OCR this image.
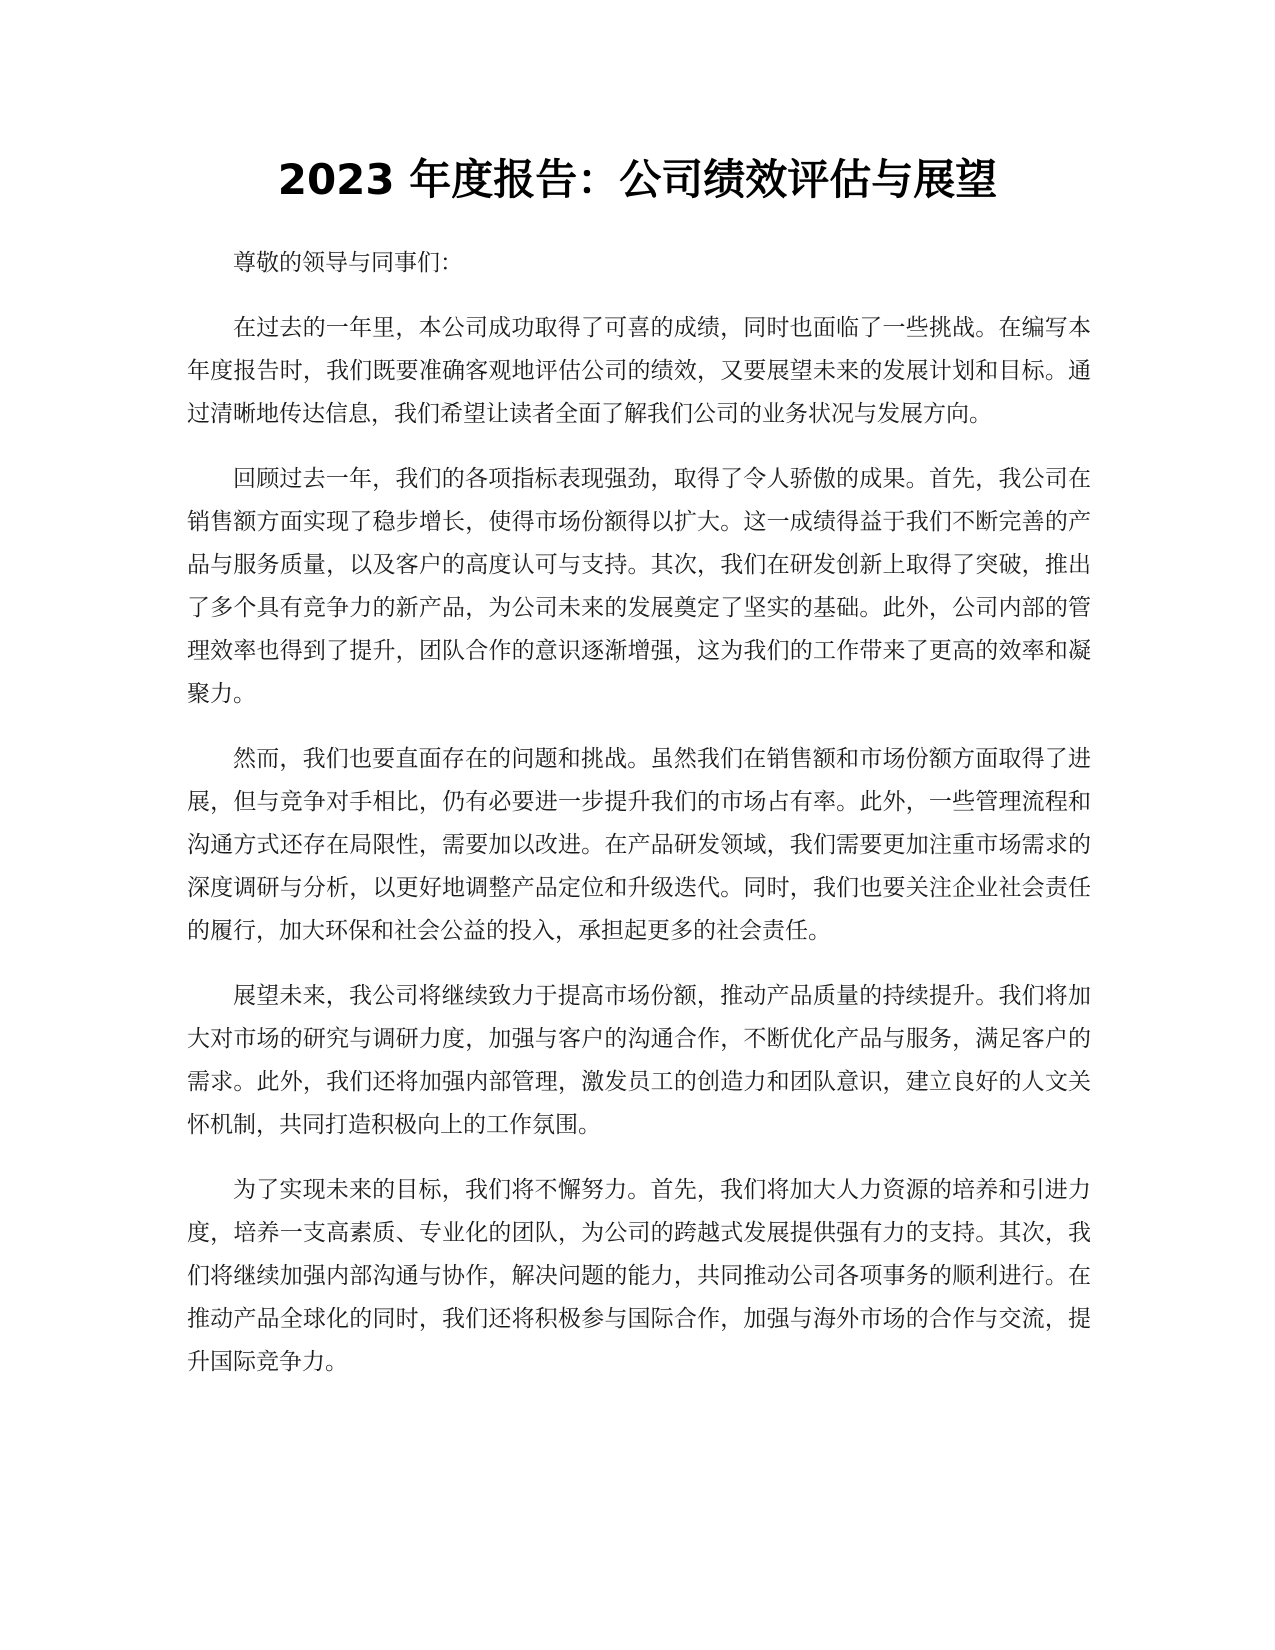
2023 年度报告：公司绩效评估与展望

尊敬的领导与同事们：

在过去的一年里，本公司成功取得了可喜的成绩，同时也面临了一些挑战。在编写本年度报告时，我们既要准确客观地评估公司的绩效，又要展望未来的发展计划和目标。通过清晰地传达信息，我们希望让读者全面了解我们公司的业务状况与发展方向。

回顾过去一年，我们的各项指标表现强劲，取得了令人骄傲的成果。首先，我公司在销售额方面实现了稳步增长，使得市场份额得以扩大。这一成绩得益于我们不断完善的产品与服务质量，以及客户的高度认可与支持。其次，我们在研发创新上取得了突破，推出了多个具有竞争力的新产品，为公司未来的发展奠定了坚实的基础。此外，公司内部的管理效率也得到了提升，团队合作的意识逐渐增强，这为我们的工作带来了更高的效率和凝聚力。

然而，我们也要直面存在的问题和挑战。虽然我们在销售额和市场份额方面取得了进展，但与竞争对手相比，仍有必要进一步提升我们的市场占有率。此外，一些管理流程和沟通方式还存在局限性，需要加以改进。在产品研发领域，我们需要更加注重市场需求的深度调研与分析，以更好地调整产品定位和升级迭代。同时，我们也要关注企业社会责任的履行，加大环保和社会公益的投入，承担起更多的社会责任。

展望未来，我公司将继续致力于提高市场份额，推动产品质量的持续提升。我们将加大对市场的研究与调研力度，加强与客户的沟通合作，不断优化产品与服务，满足客户的需求。此外，我们还将加强内部管理，激发员工的创造力和团队意识，建立良好的人文关怀机制，共同打造积极向上的工作氛围。

为了实现未来的目标，我们将不懈努力。首先，我们将加大人力资源的培养和引进力度，培养一支高素质、专业化的团队，为公司的跨越式发展提供强有力的支持。其次，我们将继续加强内部沟通与协作，解决问题的能力，共同推动公司各项事务的顺利进行。在推动产品全球化的同时，我们还将积极参与国际合作，加强与海外市场的合作与交流，提升国际竞争力。
